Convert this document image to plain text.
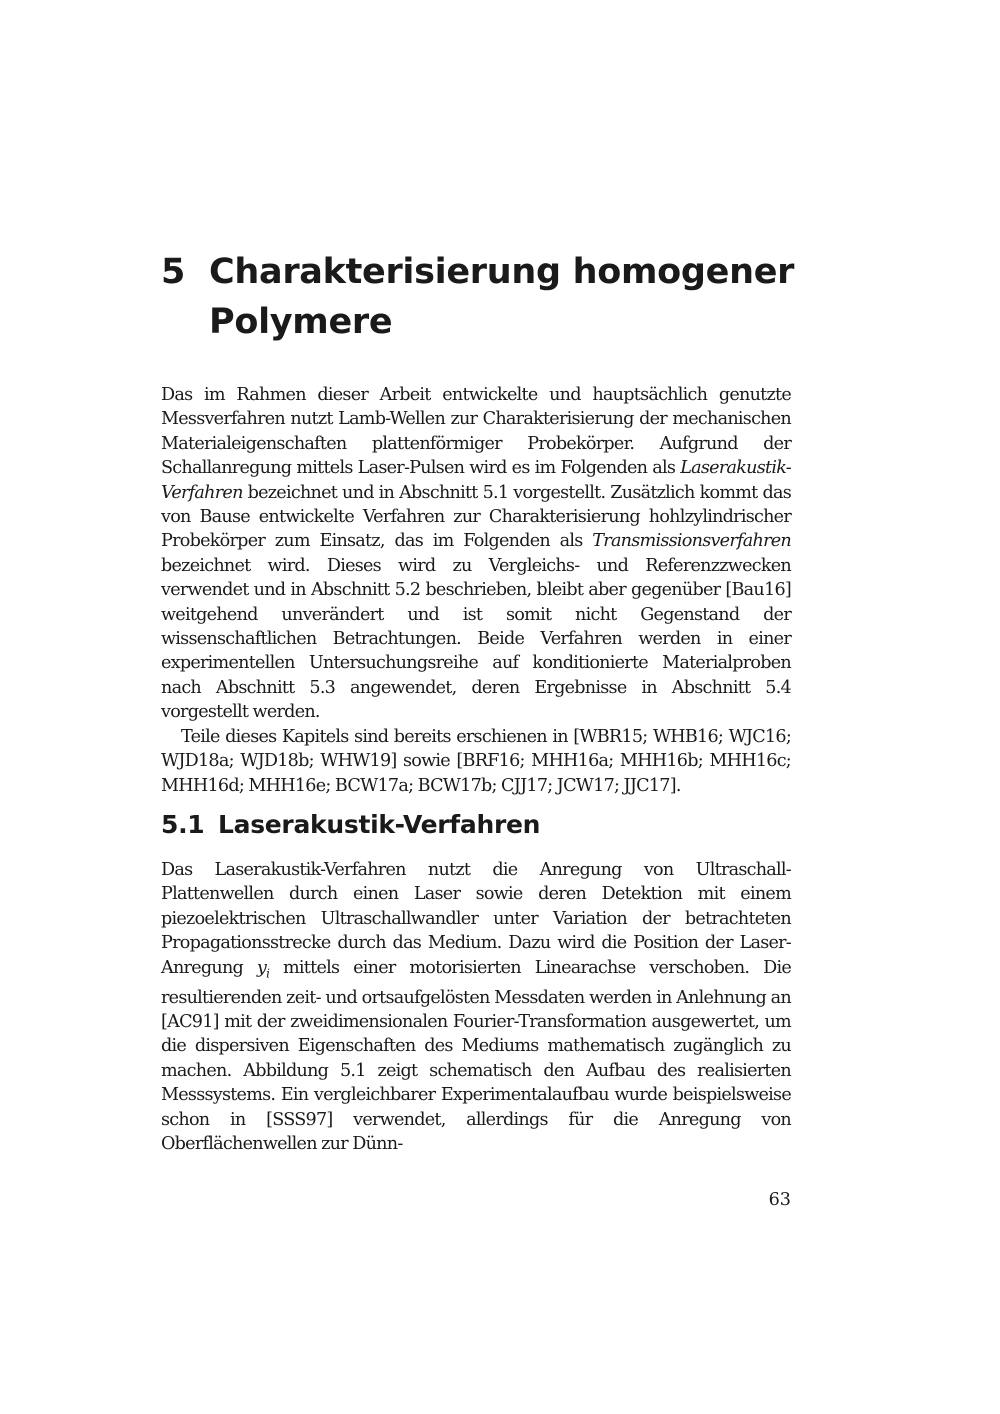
5 Charakterisierung homogener Polymere

Das im Rahmen dieser Arbeit entwickelte und hauptsächlich genutzte Messverfahren nutzt Lamb-Wellen zur Charakterisierung der mechanischen Materialeigenschaften plattenförmiger Probekörper. Aufgrund der Schallanregung mittels Laser-Pulsen wird es im Folgenden als Laserakustik-Verfahren bezeichnet und in Abschnitt 5.1 vorgestellt. Zusätzlich kommt das von Bause entwickelte Verfahren zur Charakterisierung hohlzylindrischer Probekörper zum Einsatz, das im Folgenden als Transmissionsverfahren bezeichnet wird. Dieses wird zu Vergleichs- und Referenzzwecken verwendet und in Abschnitt 5.2 beschrieben, bleibt aber gegenüber [Bau16] weitgehend unverändert und ist somit nicht Gegenstand der wissenschaftlichen Betrachtungen. Beide Verfahren werden in einer experimentellen Untersuchungsreihe auf konditionierte Materialproben nach Abschnitt 5.3 angewendet, deren Ergebnisse in Abschnitt 5.4 vorgestellt werden.

Teile dieses Kapitels sind bereits erschienen in [WBR15; WHB16; WJC16; WJD18a; WJD18b; WHW19] sowie [BRF16; MHH16a; MHH16b; MHH16c; MHH16d; MHH16e; BCW17a; BCW17b; CJJ17; JCW17; JJC17].

5.1 Laserakustik-Verfahren

Das Laserakustik-Verfahren nutzt die Anregung von Ultraschall-Plattenwellen durch einen Laser sowie deren Detektion mit einem piezoelektrischen Ultraschallwandler unter Variation der betrachteten Propagationsstrecke durch das Medium. Dazu wird die Position der Laser-Anregung $y_i$ mittels einer motorisierten Linearachse verschoben. Die resultierenden zeit- und ortsaufgelösten Messdaten werden in Anlehnung an [AC91] mit der zweidimensionalen Fourier-Transformation ausgewertet, um die dispersiven Eigenschaften des Mediums mathematisch zugänglich zu machen. Abbildung 5.1 zeigt schematisch den Aufbau des realisierten Messsystems. Ein vergleichbarer Experimentalaufbau wurde beispielsweise schon in [SSS97] verwendet, allerdings für die Anregung von Oberflächenwellen zur Dünn-

63
